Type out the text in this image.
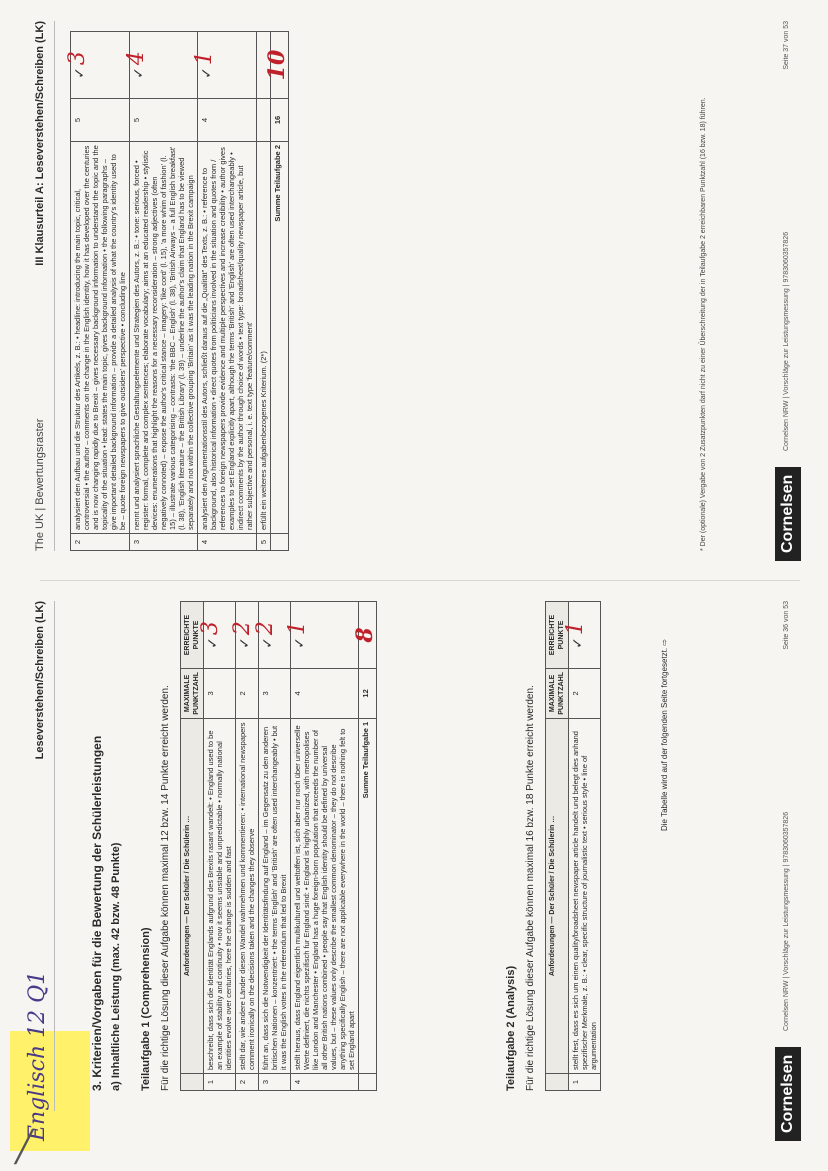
Englisch 12 Q1
Leseverstehen/Schreiben (LK)
3. Kriterien/Vorgaben für die Bewertung der Schülerleistungen a) Inhaltliche Leistung (max. 42 bzw. 48 Punkte) Teilaufgabe 1 (Comprehension) Für die richtige Lösung dieser Aufgabe können maximal 12 bzw. 14 Punkte erreicht werden.
	Anforderungen — Der Schüler / Die Schülerin …	MAXIMALE PUNKTZAHL	ERREICHTE PUNKTE
1	beschreibt, dass sich die Identität Englands aufgrund des Brexits rasant wandelt: • England used to be an example of stability and continuity • now it seems unstable and unpredictable • normally national identities evolve over centuries, here the change is sudden and fast	3	✓ 3
2	stellt dar, wie andere Länder diesen Wandel wahrnehmen und kommentieren: • international newspapers comment ironically on the decisions taken and the changes they observe	2	✓ 2
3	führt an, dass sich die Notwendigkeit der Identitätsfindung auf England – im Gegensatz zu den anderen britischen Nationen – konzentriert: • the terms 'English' and 'British' are often used interchangeably • but it was the English votes in the referendum that led to Brexit	3	✓ 2
4	stellt heraus, dass England eigentlich multikulturell und weltoffen ist, sich aber nur noch über universelle Werte definiert, die nichts spezifisch fur England sind: • England is highly urbanized, with metropolises like London and Manchester • England has a huge foreign-born population that exceeds the number of all other British nations combined • people say that English identity should be defined by universal values, but – these values only describe the smallest common denominator – they do not describe anything specifically English – there are not applicable everywhere in the world – there is nothing felt to set England apart	4	✓ 1
	Summe Teilaufgabe 1	12	8
Teilaufgabe 2 (Analysis) Für die richtige Lösung dieser Aufgabe können maximal 16 bzw. 18 Punkte erreicht werden.
	Anforderungen — Der Schüler / Die Schülerin …	MAXIMALE PUNKTZAHL	ERREICHTE PUNKTE
1	stellt fest, dass es sich um einen quality/broadsheet newspaper article handelt und belegt dies anhand spezifischer Merkmale, z. B.: • clear, specific structure of journalistic text • serious style • line of argumentation	2	✓ 1
Die Tabelle wird auf der folgenden Seite fortgesetzt. ⇨
Cornelsen
Cornelsen NRW | Vorschläge zur Leistungsmessung | 9783060357826
Seite 36 von 53
The UK | Bewertungsraster
III Klausurteil A: Leseverstehen/Schreiben (LK)
2	analysiert den Aufbau und die Struktur des Artikels, z. B.: • headline: introducing the main topic, critical, controversial • the author – comments on the change in the English identity, how it has developed over the centuries and is now changing rapidly due to Brexit – gives necessary background information to understand the topic and the topicality of the situation • lead: states the main topic, gives background information • the following paragraphs – give important detailed background information – provide a detailed analysis of what the country's identity used to be – quote foreign newspapers to give outsiders' perspective • concluding line	5	✓ 3
3	nennt und analysiert sprachliche Gestaltungselemente und Strategien des Autors, z. B.: • tone: serious, forced • register: formal, complete and complex sentences; elaborate vocabulary; aims at an educated readership • stylistic devices: enumerations that highlight the reasons for a necessary reconsideration – strong adjectives (often negatively connoted) – expose the author's critical stance – imagery: 'like cord' (l. 15), 'a more whim of fashion' (l. 15) – illustrate various categorising – contrasts: 'the BBC – English' (l. 38), 'British Airways – a full English breakfast' (l. 38), 'English literature – the British Library' (l. 39) – underline the author's claim that England has to be viewed separately and not within the collective grouping 'Britain' as it was the leading nation in the Brexit campaign	5	✓ 4
4	analysiert den Argumentationsstil des Autors, schließt daraus auf die „Qualität" des Texts, z. B.: • reference to background, also historical information • direct quotes from politicians involved in the situation and quotes from / references to foreign newspapers provide evidence and multiple perspectives and increase credibility • author gives examples to set England explicitly apart, although the terms 'British' and 'English' are often used interchangeably • indirect comments by the author through choice of words • text type: broadsheet/quality newspaper article, but rather subjective and personal, i. e. text type 'feature/comment'	4	✓ 1
5	erfüllt ein weiteres aufgabenbezogenes Kriterium. (2*)		
	Summe Teilaufgabe 2	16	10
* Der (optionale) Vergabe von 2 Zusatzpunkten darf nicht zu einer Überschreitung der in Teilaufgabe 2 erreichbaren Punktzahl (16 bzw. 18) führen.	Cornelsen
Cornelsen NRW | Vorschläge zur Leistungsmessung | 9783060357826
Seite 37 von 53
╱
